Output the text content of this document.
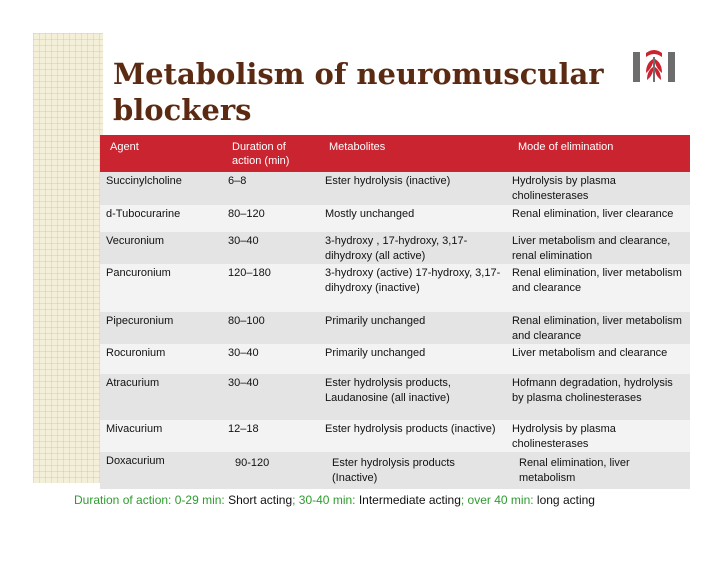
Metabolism of neuromuscular blockers
Agent	Duration of action (min)	Metabolites	Mode of elimination
Succinylcholine	6–8	Ester hydrolysis (inactive)	Hydrolysis by plasma cholinesterases
d-Tubocurarine	80–120	Mostly unchanged	Renal elimination, liver clearance
Vecuronium	30–40	3-hydroxy , 17-hydroxy, 3,17-dihydroxy (all active)	Liver metabolism and clearance, renal elimination
Pancuronium	120–180	3-hydroxy (active) 17-hydroxy, 3,17-dihydroxy (inactive)	Renal elimination, liver metabolism and clearance
Pipecuronium	80–100	Primarily unchanged	Renal elimination, liver metabolism and clearance
Rocuronium	30–40	Primarily unchanged	Liver metabolism and clearance
Atracurium	30–40	Ester hydrolysis products, Laudanosine (all inactive)	Hofmann degradation, hydrolysis by plasma cholinesterases
Mivacurium	12–18	Ester hydrolysis products (inactive)	Hydrolysis by plasma cholinesterases
Doxacurium	90-120	Ester hydrolysis products (Inactive)	Renal elimination, liver metabolism
Duration of action: 0-29 min: Short acting; 30-40 min: Intermediate acting; over 40 min: long acting
